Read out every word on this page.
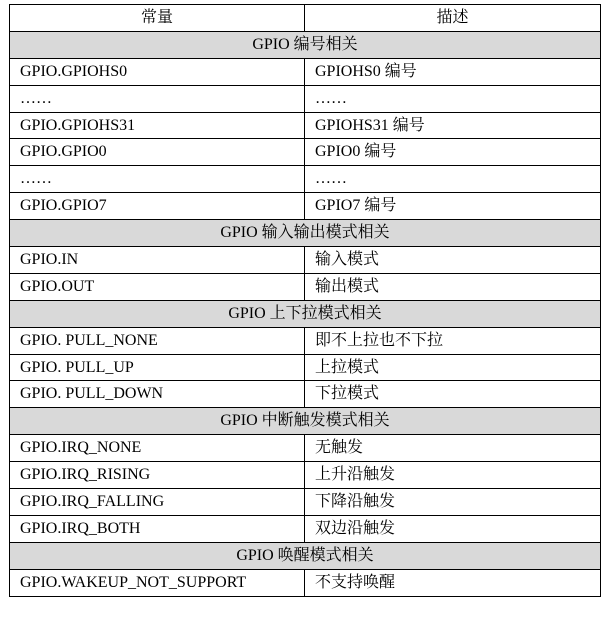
常量	描述
GPIO 编号相关	
GPIO.GPIOHS0	GPIOHS0 编号
……	……
GPIO.GPIOHS31	GPIOHS31 编号
GPIO.GPIO0	GPIO0 编号
……	……
GPIO.GPIO7	GPIO7 编号
GPIO 输入输出模式相关	
GPIO.IN	输入模式
GPIO.OUT	输出模式
GPIO 上下拉模式相关	
GPIO. PULL_NONE	即不上拉也不下拉
GPIO. PULL_UP	上拉模式
GPIO. PULL_DOWN	下拉模式
GPIO 中断触发模式相关	
GPIO.IRQ_NONE	无触发
GPIO.IRQ_RISING	上升沿触发
GPIO.IRQ_FALLING	下降沿触发
GPIO.IRQ_BOTH	双边沿触发
GPIO 唤醒模式相关	
GPIO.WAKEUP_NOT_SUPPORT	不支持唤醒
